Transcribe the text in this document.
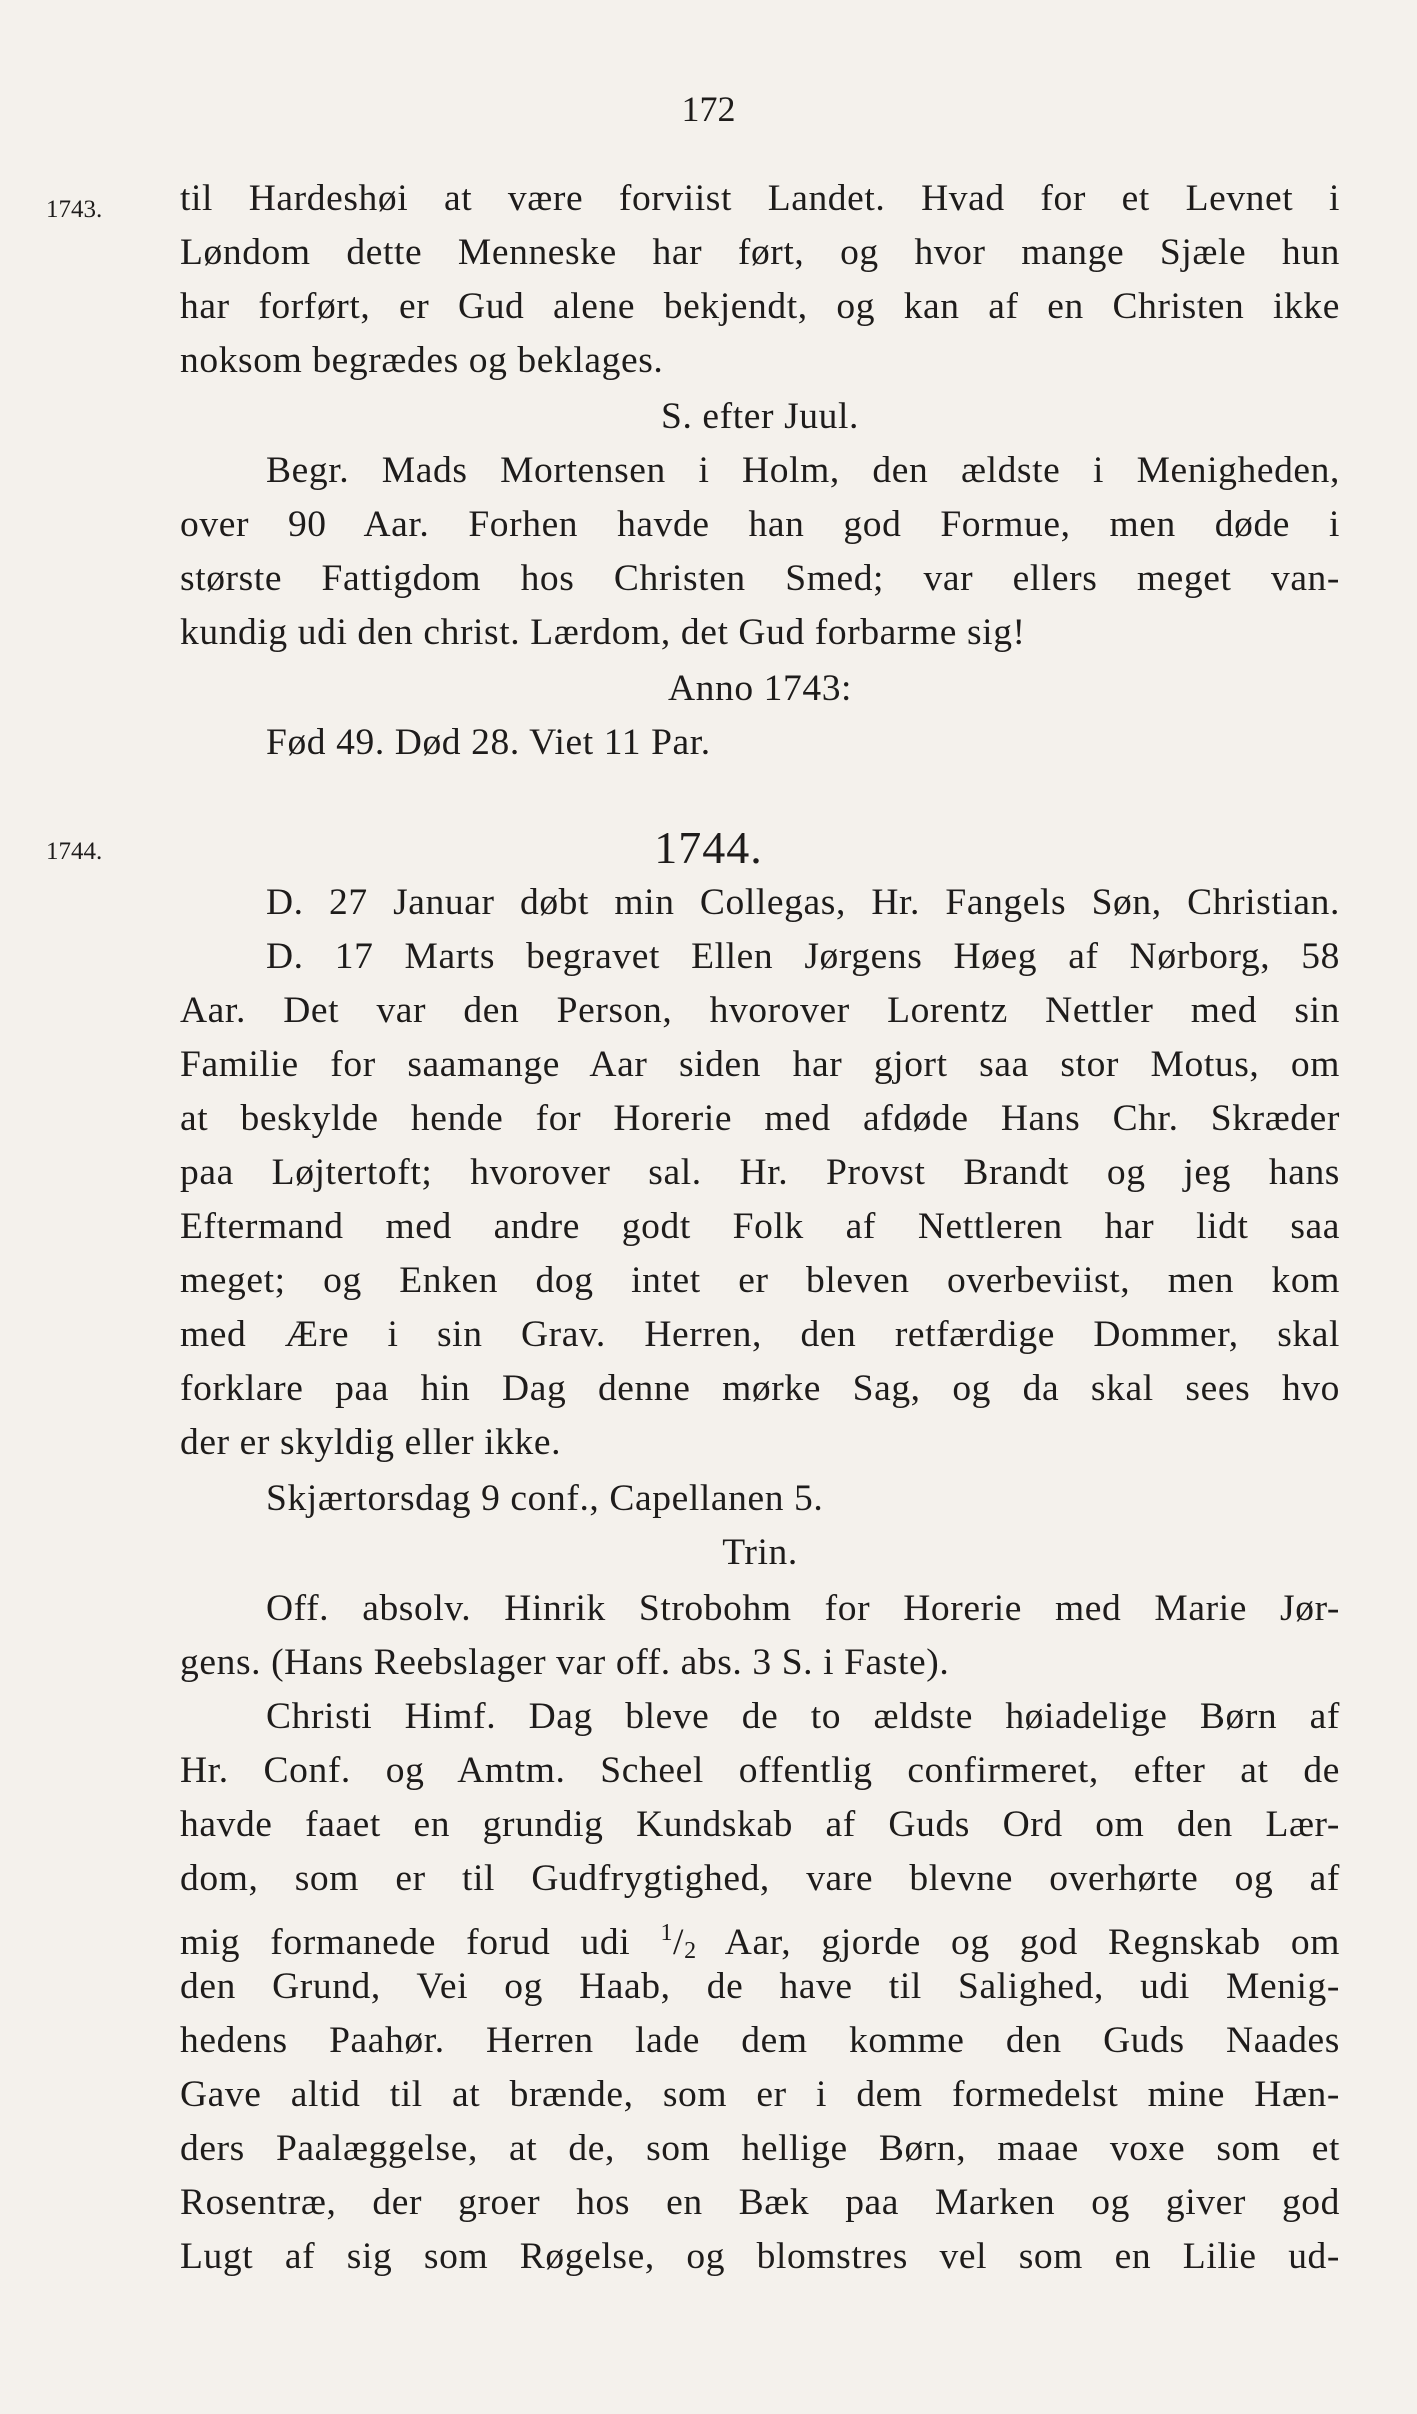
172
1743. til Hardeshøi at være forviist Landet. Hvad for et Levnet i
Løndom dette Menneske har ført, og hvor mange Sjæle hun
har forført, er Gud alene bekjendt, og kan af en Christen ikke
noksom begrædes og beklages.
S. efter Juul.
Begr. Mads Mortensen i Holm, den ældste i Menigheden,
over 90 Aar. Forhen havde han god Formue, men døde i
største Fattigdom hos Christen Smed; var ellers meget van-
kundig udi den christ. Lærdom, det Gud forbarme sig!
Anno 1743:
Fød 49. Død 28. Viet 11 Par.
1744.	1744.
D. 27 Januar døbt min Collegas, Hr. Fangels Søn, Christian.
D. 17 Marts begravet Ellen Jørgens Høeg af Nørborg, 58
Aar. Det var den Person, hvorover Lorentz Nettler med sin
Familie for saamange Aar siden har gjort saa stor Motus, om
at beskylde hende for Horerie med afdøde Hans Chr. Skræder
paa Løjtertoft; hvorover sal. Hr. Provst Brandt og jeg hans
Eftermand med andre godt Folk af Nettleren har lidt saa
meget; og Enken dog intet er bleven overbeviist, men kom
med Ære i sin Grav. Herren, den retfærdige Dommer, skal
forklare paa hin Dag denne mørke Sag, og da skal sees hvo
der er skyldig eller ikke.
Skjærtorsdag 9 conf., Capellanen 5.
Trin.
Off. absolv. Hinrik Strobohm for Horerie med Marie Jør-
gens. (Hans Reebslager var off. abs. 3 S. i Faste).
Christi Himf. Dag bleve de to ældste høiadelige Børn af
Hr. Conf. og Amtm. Scheel offentlig confirmeret, efter at de
havde faaet en grundig Kundskab af Guds Ord om den Lær-
dom, som er til Gudfrygtighed, vare blevne overhørte og af
mig formanede forud udi $^1/_2$ Aar, gjorde og god Regnskab om
den Grund, Vei og Haab, de have til Salighed, udi Menig-
hedens Paahør. Herren lade dem komme den Guds Naades
Gave altid til at brænde, som er i dem formedelst mine Hæn-
ders Paalæggelse, at de, som hellige Børn, maae voxe som et
Rosentræ, der groer hos en Bæk paa Marken og giver god
Lugt af sig som Røgelse, og blomstres vel som en Lilie ud-
